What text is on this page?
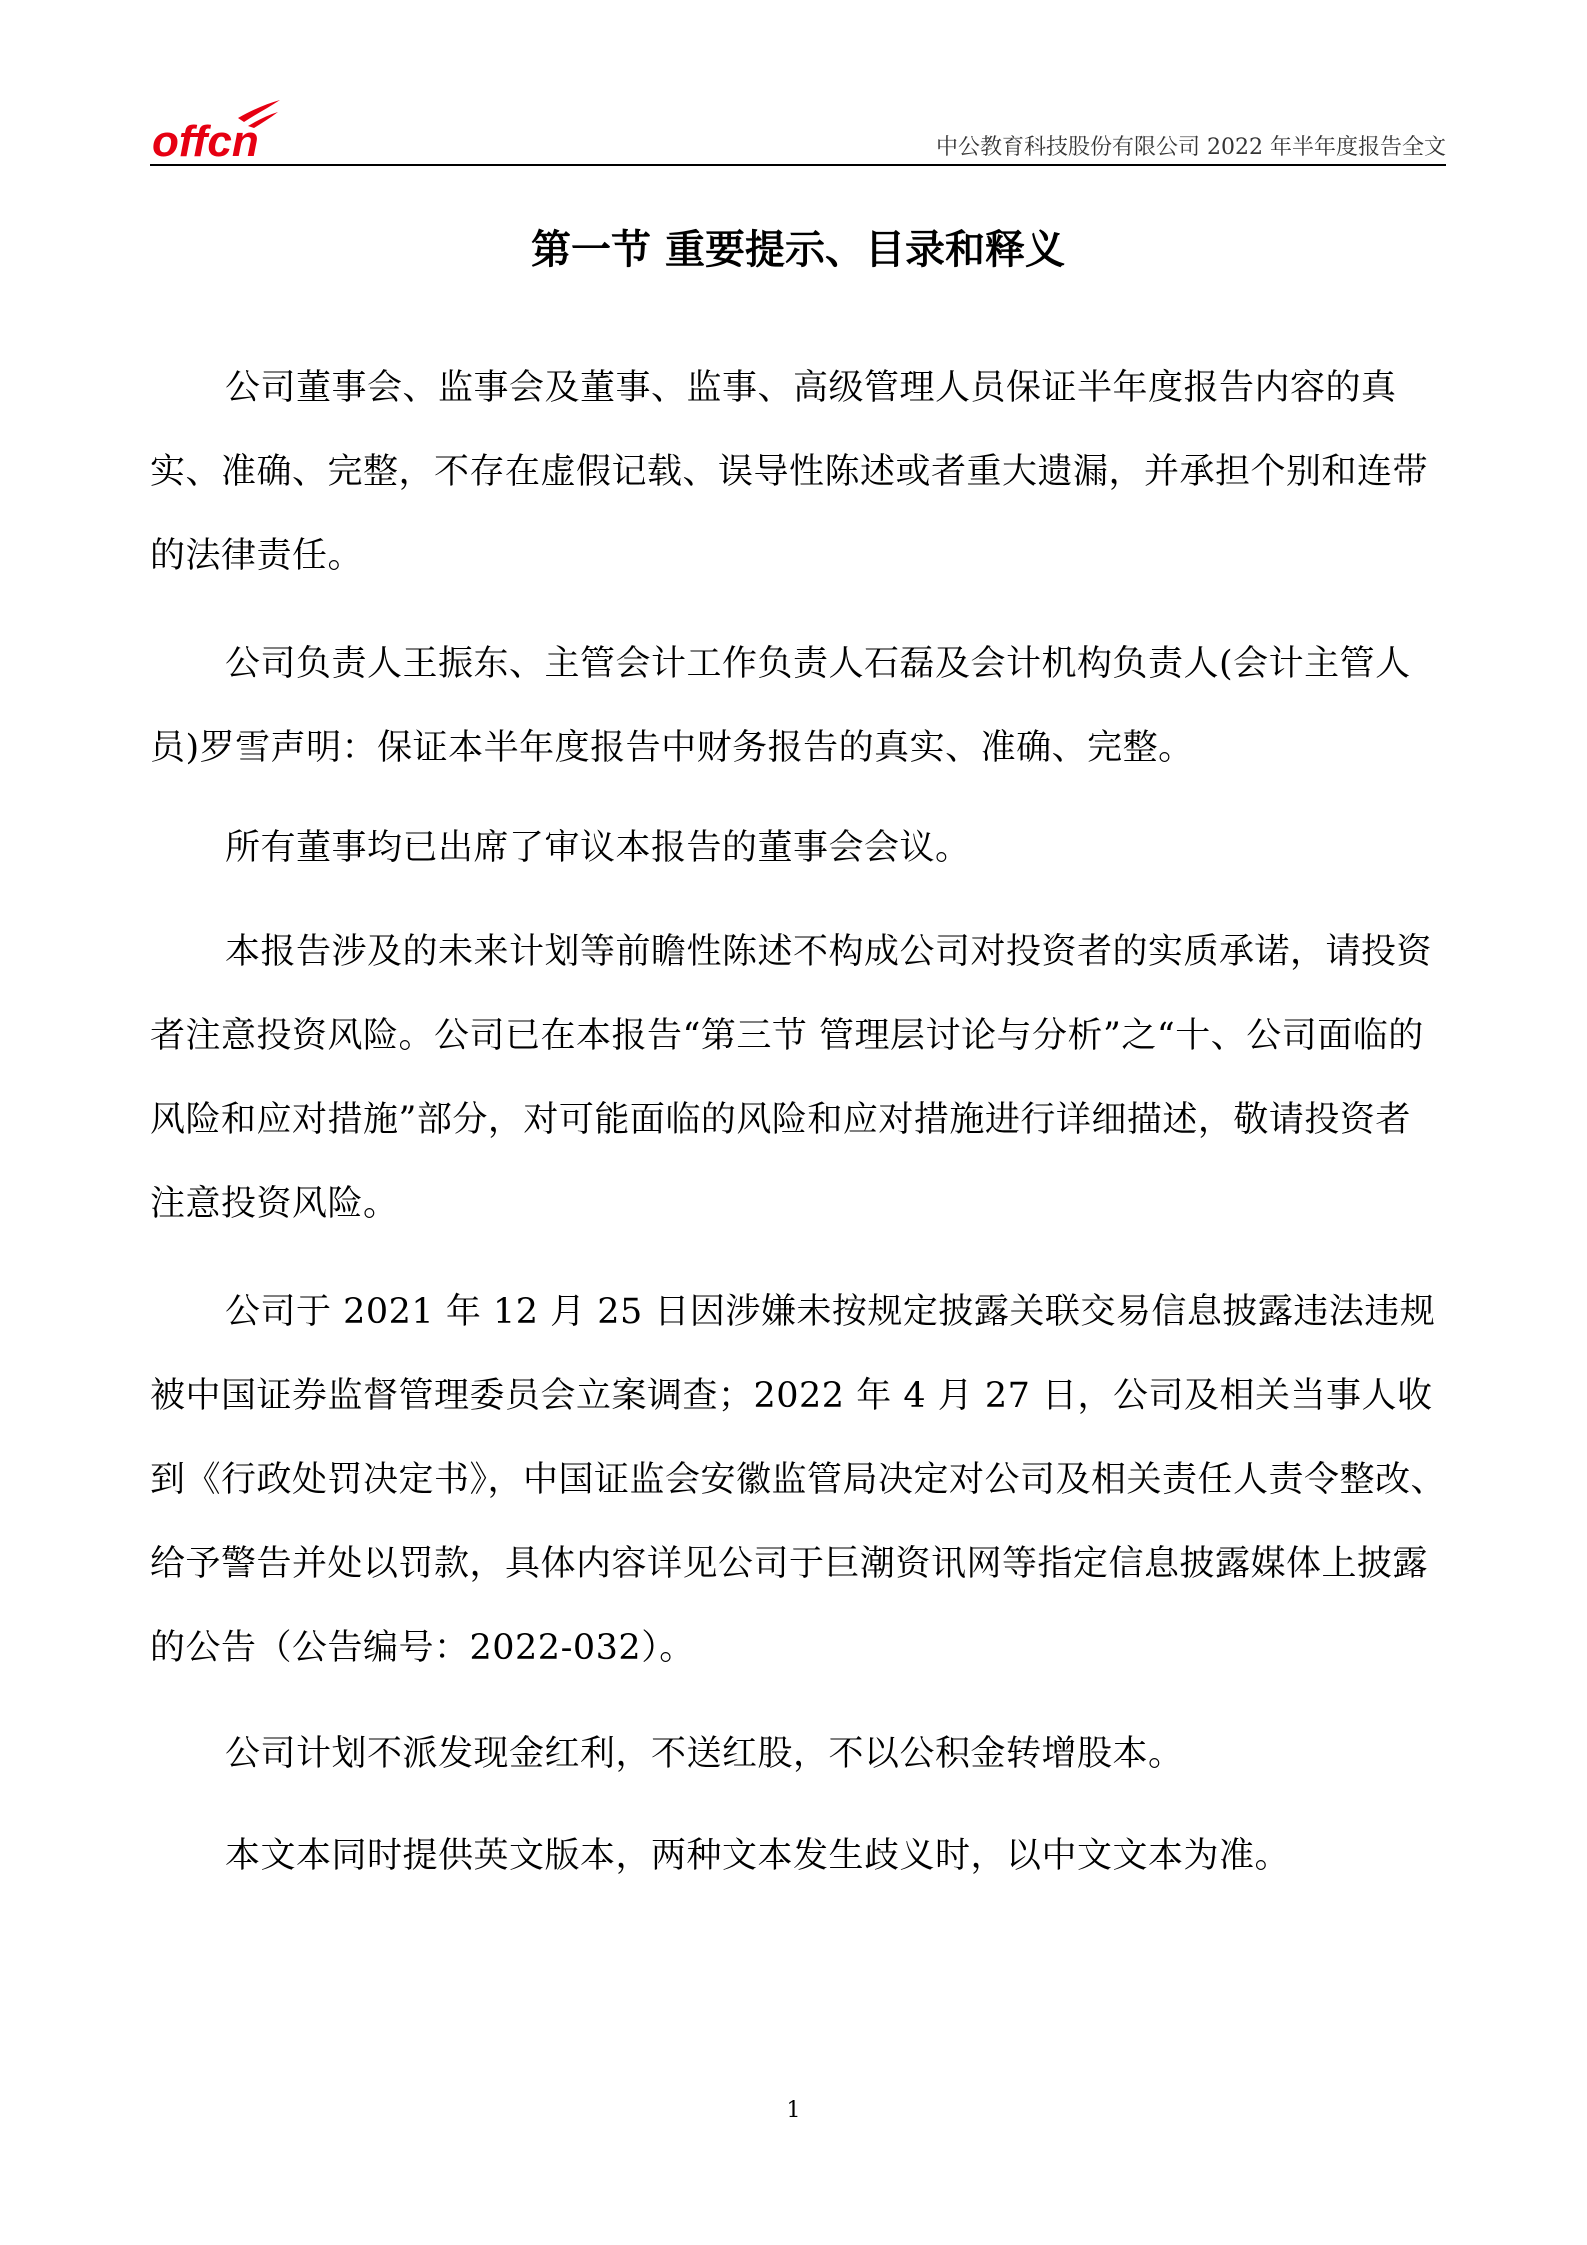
offcn	中公教育科技股份有限公司 2022 年半年度报告全文
第一节 重要提示、目录和释义

公司董事会、监事会及董事、监事、高级管理人员保证半年度报告内容的真实、准确、完整，不存在虚假记载、误导性陈述或者重大遗漏，并承担个别和连带的法律责任。

公司负责人王振东、主管会计工作负责人石磊及会计机构负责人(会计主管人员)罗雪声明：保证本半年度报告中财务报告的真实、准确、完整。

所有董事均已出席了审议本报告的董事会会议。

本报告涉及的未来计划等前瞻性陈述不构成公司对投资者的实质承诺，请投资者注意投资风险。公司已在本报告“第三节 管理层讨论与分析”之“十、公司面临的风险和应对措施”部分，对可能面临的风险和应对措施进行详细描述，敬请投资者注意投资风险。

公司于 2021 年 12 月 25 日因涉嫌未按规定披露关联交易信息披露违法违规被中国证券监督管理委员会立案调查；2022 年 4 月 27 日，公司及相关当事人收到《行政处罚决定书》，中国证监会安徽监管局决定对公司及相关责任人责令整改、给予警告并处以罚款，具体内容详见公司于巨潮资讯网等指定信息披露媒体上披露的公告（公告编号：2022-032）。

公司计划不派发现金红利，不送红股，不以公积金转增股本。

本文本同时提供英文版本，两种文本发生歧义时，以中文文本为准。

1
